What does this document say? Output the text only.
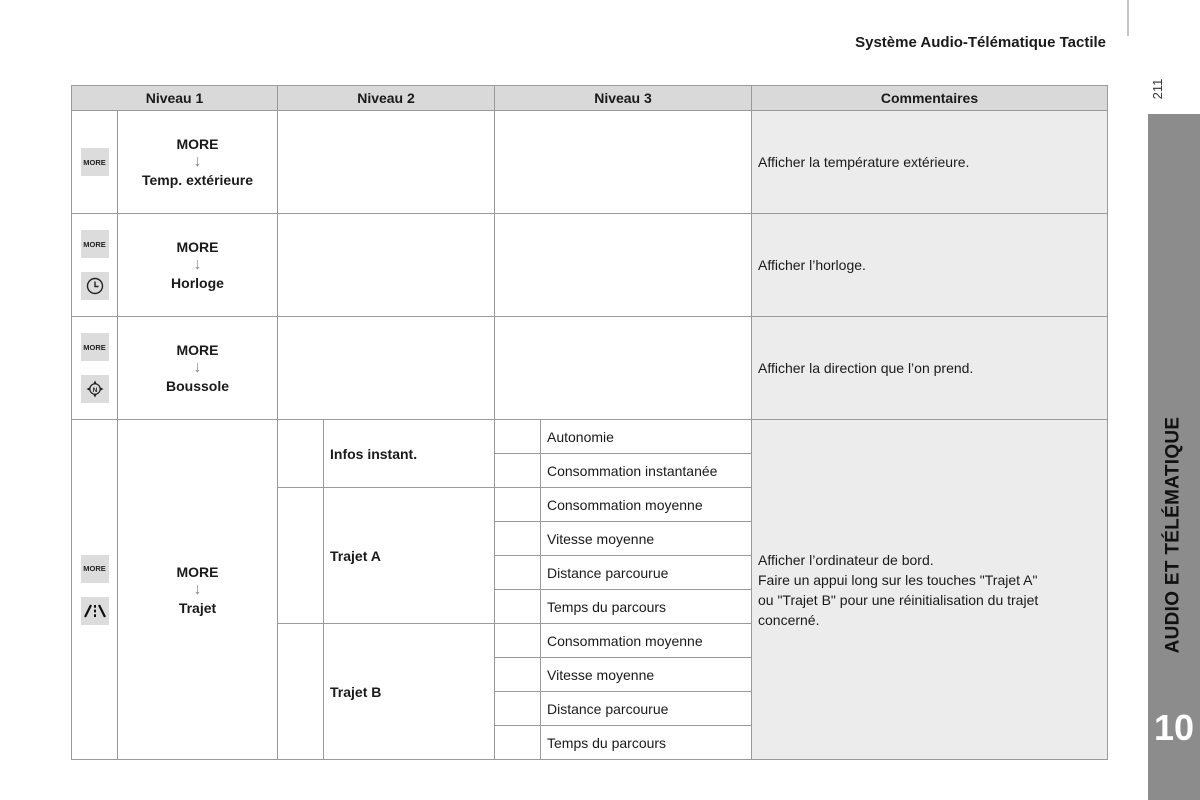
Système Audio-Télématique Tactile
211
AUDIO ET TÉLÉMATIQUE
10
Niveau 1		Niveau 2		Niveau 3		Commentaires
MORE	MORE
↓
Temp. extérieure					Afficher la température extérieure.

MORE	MORE
↓
Horloge					Afficher l’horloge.

MORE
N	MORE
↓
Boussole					Afficher la direction que l’on prend.

MORE	MORE
↓
Trajet		Infos instant.		Autonomie	Afficher l’ordinateur de bord.
Faire un appui long sur les touches "Trajet A"
ou "Trajet B" pour une réinitialisation du trajet
concerné.

					Consommation instantanée	
			Trajet A		Consommation moyenne	
					Vitesse moyenne	
					Distance parcourue	
					Temps du parcours	
			Trajet B		Consommation moyenne	
					Vitesse moyenne	
					Distance parcourue	
					Temps du parcours	
